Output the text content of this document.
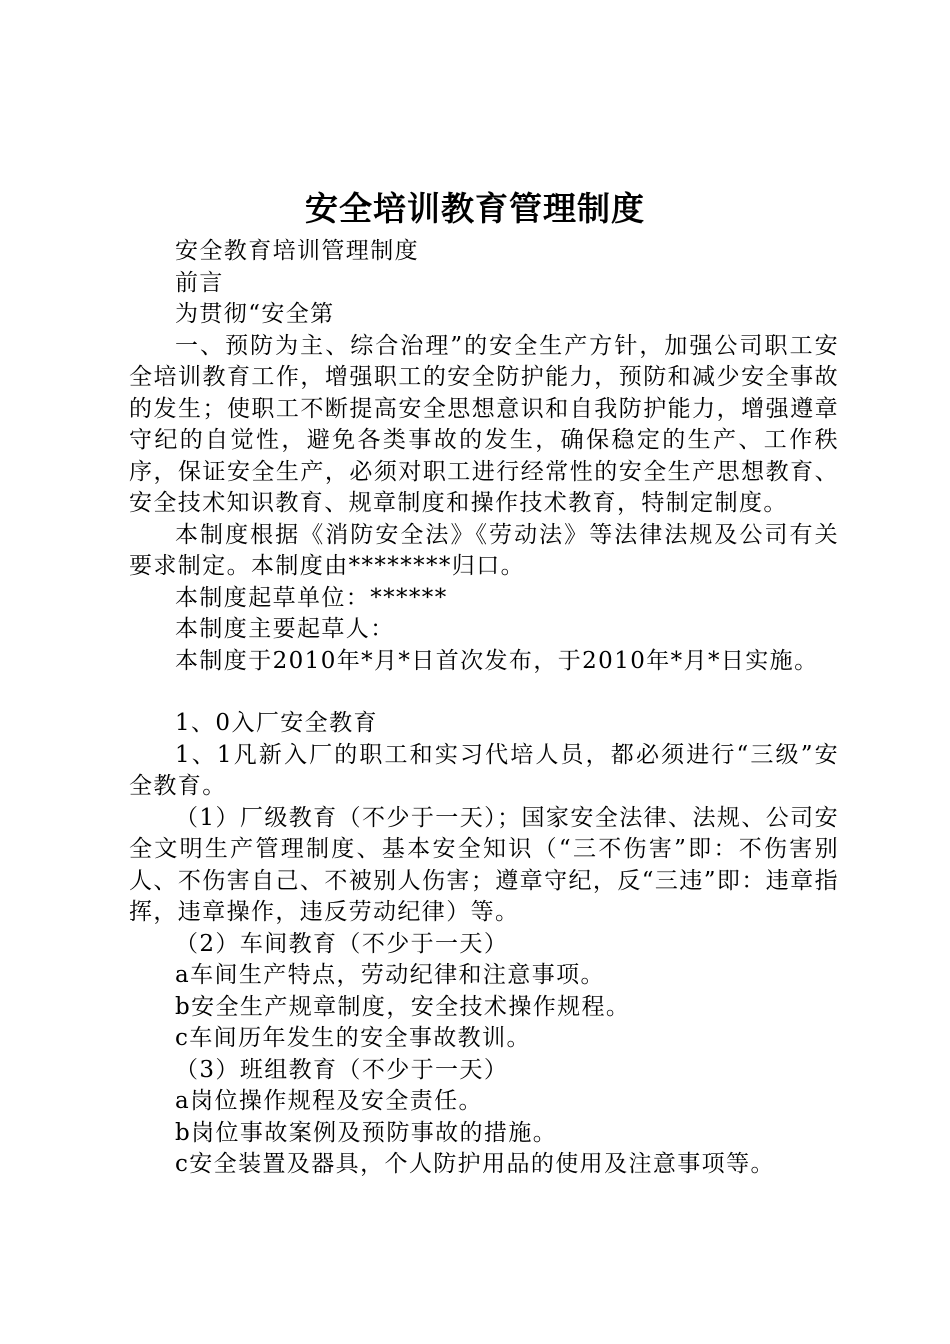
安全培训教育管理制度

安全教育培训管理制度

前言

为贯彻“安全第

一、预防为主、综合治理”的安全生产方针，加强公司职工安全培训教育工作，增强职工的安全防护能力，预防和减少安全事故的发生；使职工不断提高安全思想意识和自我防护能力，增强遵章守纪的自觉性，避免各类事故的发生，确保稳定的生产、工作秩序，保证安全生产，必须对职工进行经常性的安全生产思想教育、安全技术知识教育、规章制度和操作技术教育，特制定制度。

本制度根据《消防安全法》《劳动法》等法律法规及公司有关要求制定。本制度由********归口。

本制度起草单位：******

本制度主要起草人：

本制度于2010年*月*日首次发布，于2010年*月*日实施。

1、0入厂安全教育

1、1凡新入厂的职工和实习代培人员，都必须进行“三级”安全教育。

（1）厂级教育（不少于一天）；国家安全法律、法规、公司安全文明生产管理制度、基本安全知识（“三不伤害”即：不伤害别人、不伤害自己、不被别人伤害；遵章守纪，反“三违”即：违章指挥，违章操作，违反劳动纪律）等。

（2）车间教育（不少于一天）

a车间生产特点，劳动纪律和注意事项。

b安全生产规章制度，安全技术操作规程。

c车间历年发生的安全事故教训。

（3）班组教育（不少于一天）

a岗位操作规程及安全责任。

b岗位事故案例及预防事故的措施。

c安全装置及器具，个人防护用品的使用及注意事项等。
